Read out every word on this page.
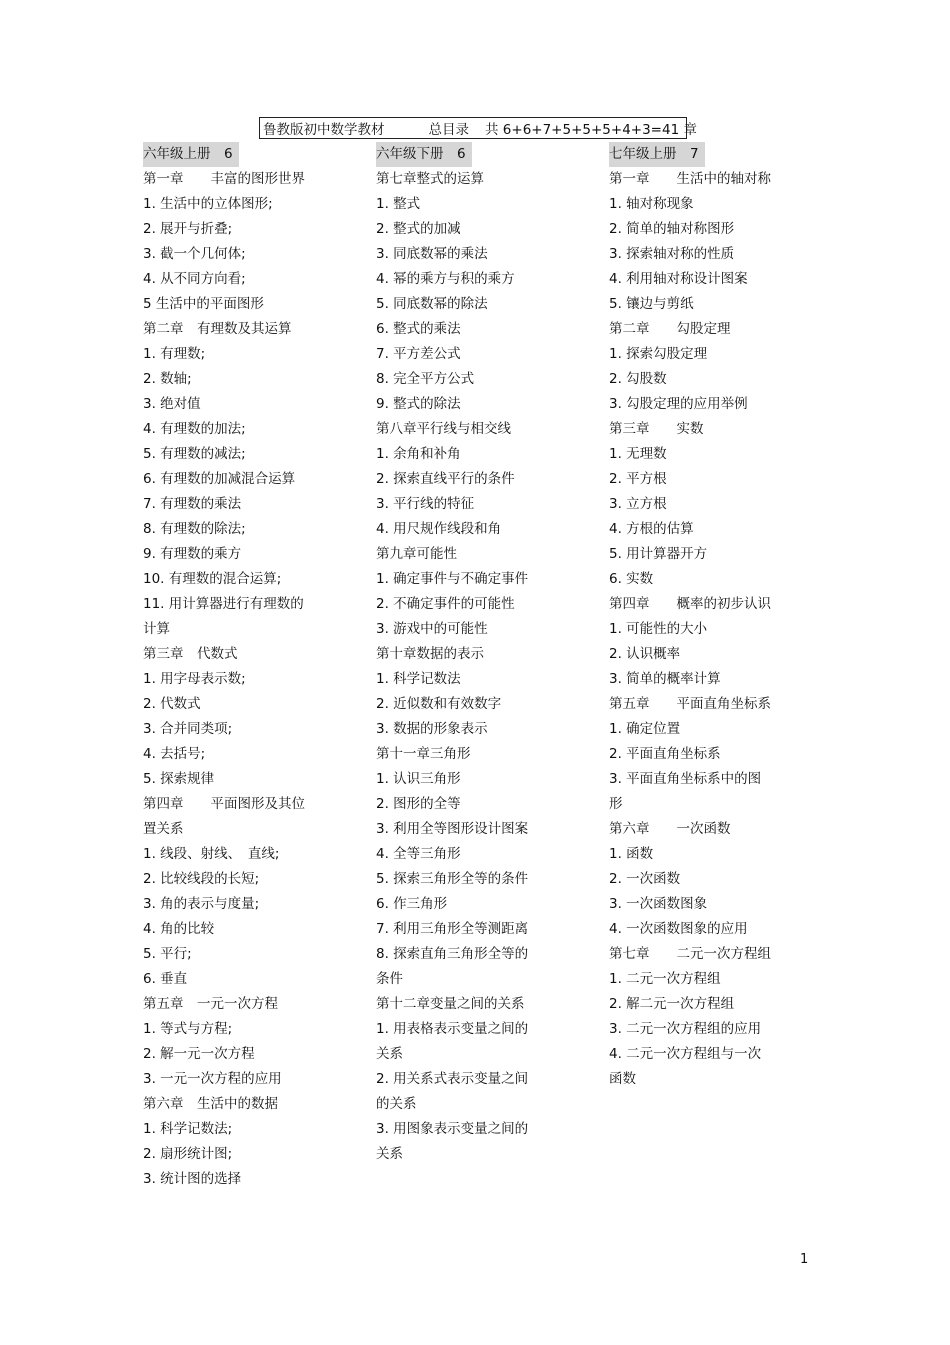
鲁教版初中数学教材	总目录 共 6+6+7+5+5+5+4+3=41 章
六年级上册　6
第一章　　丰富的图形世界
1. 生活中的立体图形;
2. 展开与折叠;
3. 截一个几何体;
4. 从不同方向看;
5 生活中的平面图形
第二章　有理数及其运算
1. 有理数;
2. 数轴;
3. 绝对值
4. 有理数的加法;
5. 有理数的减法;
6. 有理数的加减混合运算
7. 有理数的乘法
8. 有理数的除法;
9. 有理数的乘方
10. 有理数的混合运算;
11. 用计算器进行有理数的
计算
第三章　代数式
1. 用字母表示数;
2. 代数式
3. 合并同类项;
4. 去括号;
5. 探索规律
第四章　　平面图形及其位
置关系
1. 线段、射线、　直线;
2. 比较线段的长短;
3. 角的表示与度量;
4. 角的比较
5. 平行;
6. 垂直
第五章　一元一次方程
1. 等式与方程;
2. 解一元一次方程
3. 一元一次方程的应用
第六章　生活中的数据
1. 科学记数法;
2. 扇形统计图;
3. 统计图的选择
六年级下册　6
第七章整式的运算
1. 整式
2. 整式的加减
3. 同底数幂的乘法
4. 幂的乘方与积的乘方
5. 同底数幂的除法
6. 整式的乘法
7. 平方差公式
8. 完全平方公式
9. 整式的除法
第八章平行线与相交线
1. 余角和补角
2. 探索直线平行的条件
3. 平行线的特征
4. 用尺规作线段和角
第九章可能性
1. 确定事件与不确定事件
2. 不确定事件的可能性
3. 游戏中的可能性
第十章数据的表示
1. 科学记数法
2. 近似数和有效数字
3. 数据的形象表示
第十一章三角形
1. 认识三角形
2. 图形的全等
3. 利用全等图形设计图案
4. 全等三角形
5. 探索三角形全等的条件
6. 作三角形
7. 利用三角形全等测距离
8. 探索直角三角形全等的
条件
第十二章变量之间的关系
1. 用表格表示变量之间的
关系
2. 用关系式表示变量之间
的关系
3. 用图象表示变量之间的
关系
七年级上册　7
第一章　　生活中的轴对称
1. 轴对称现象
2. 简单的轴对称图形
3. 探索轴对称的性质
4. 利用轴对称设计图案
5. 镶边与剪纸
第二章　　勾股定理
1. 探索勾股定理
2. 勾股数
3. 勾股定理的应用举例
第三章　　实数
1. 无理数
2. 平方根
3. 立方根
4. 方根的估算
5. 用计算器开方
6. 实数
第四章　　概率的初步认识
1. 可能性的大小
2. 认识概率
3. 简单的概率计算
第五章　　平面直角坐标系
1. 确定位置
2. 平面直角坐标系
3. 平面直角坐标系中的图
形
第六章　　一次函数
1. 函数
2. 一次函数
3. 一次函数图象
4. 一次函数图象的应用
第七章　　二元一次方程组
1. 二元一次方程组
2. 解二元一次方程组
3. 二元一次方程组的应用
4. 二元一次方程组与一次
函数
1
